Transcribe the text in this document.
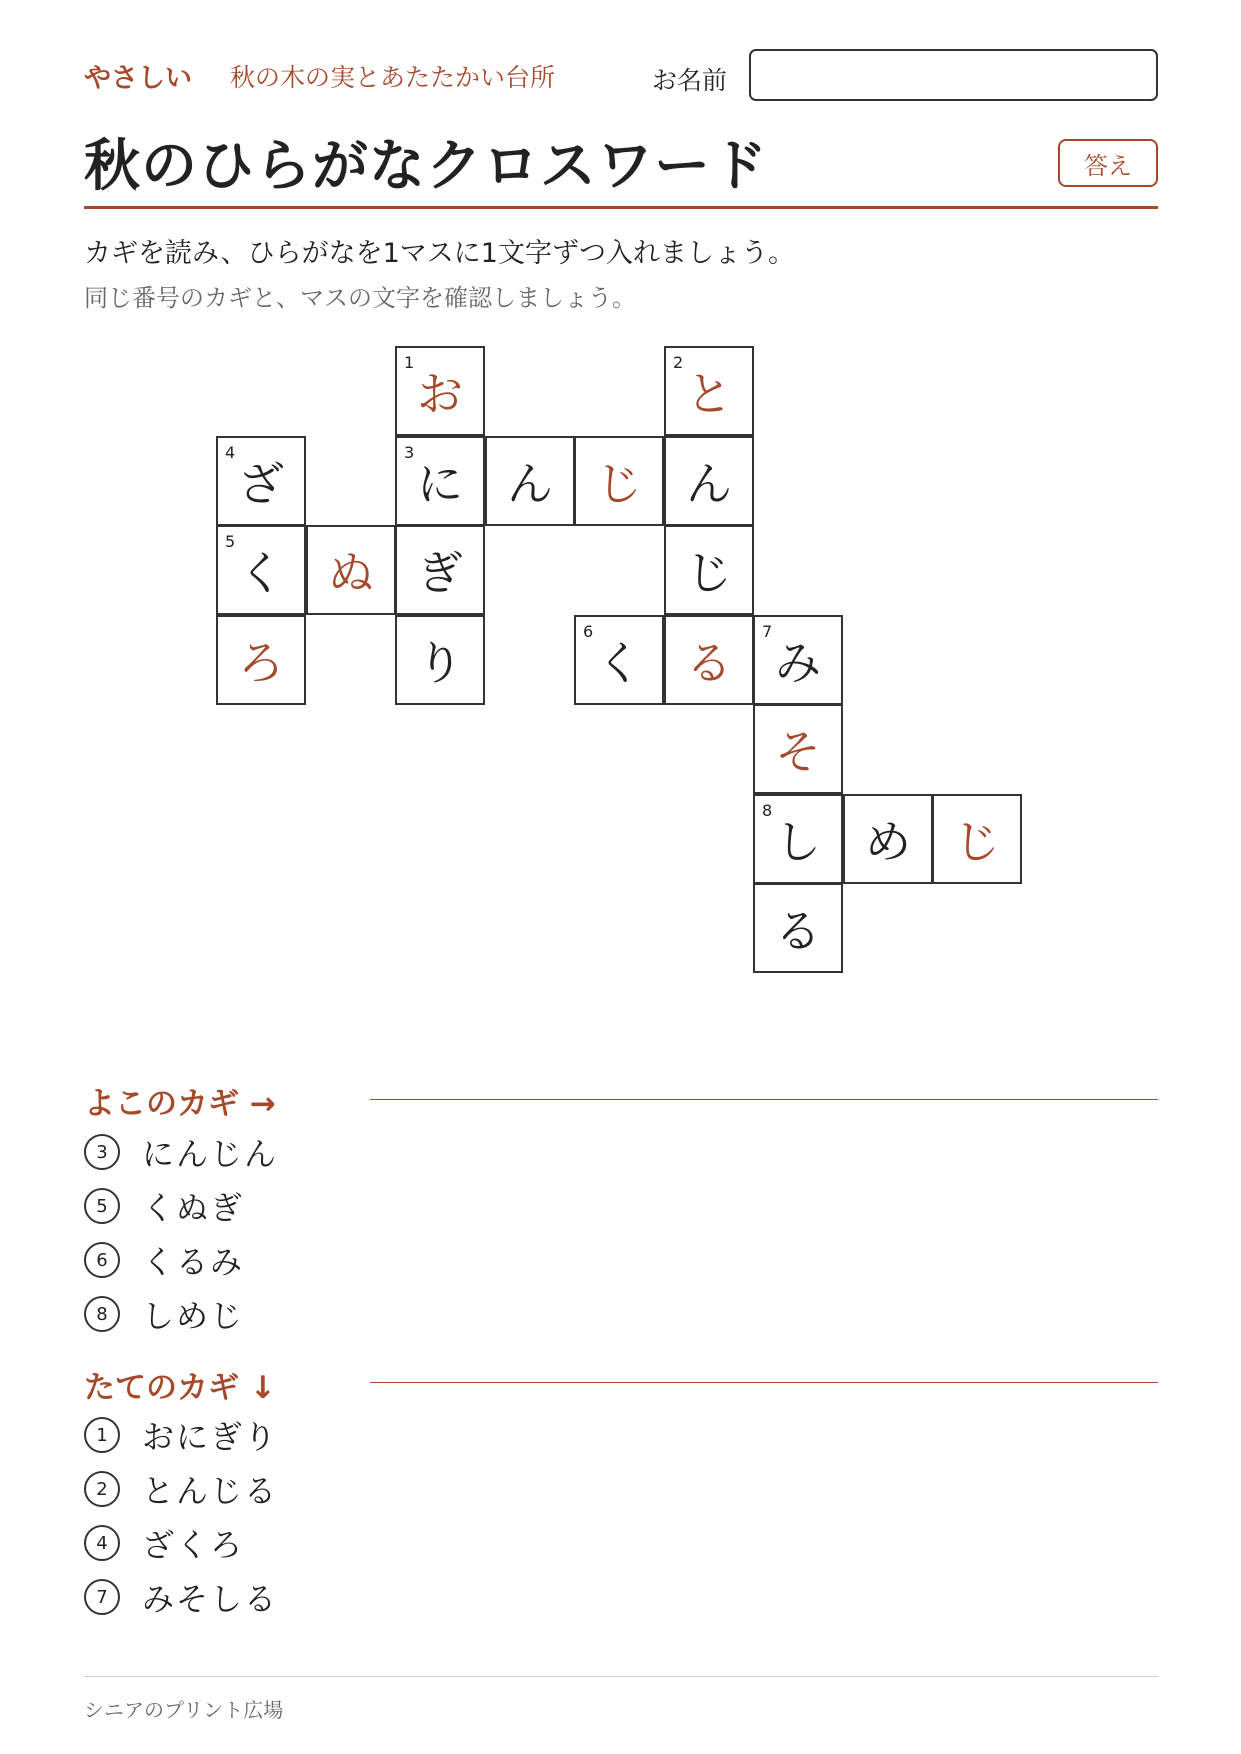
やさしい 秋の木の実とあたたかい台所	お名前
秋のひらがなクロスワード	答え
カギを読み、ひらがなを1マスに1文字ずつ入れましょう。
同じ番号のカギと、マスの文字を確認しましょう。
1
お
2
と
4
ざ
3
に ん じ ん
5
く ぬ ぎ	じ
ろ	り
6
く る
7
み
そ
8
し め じ
る
よこのカギ →
3	にんじん
5	くぬぎ
6	くるみ
8	しめじ
たてのカギ ↓
1	おにぎり
2	とんじる
4	ざくろ
7	みそしる
シニアのプリント広場
